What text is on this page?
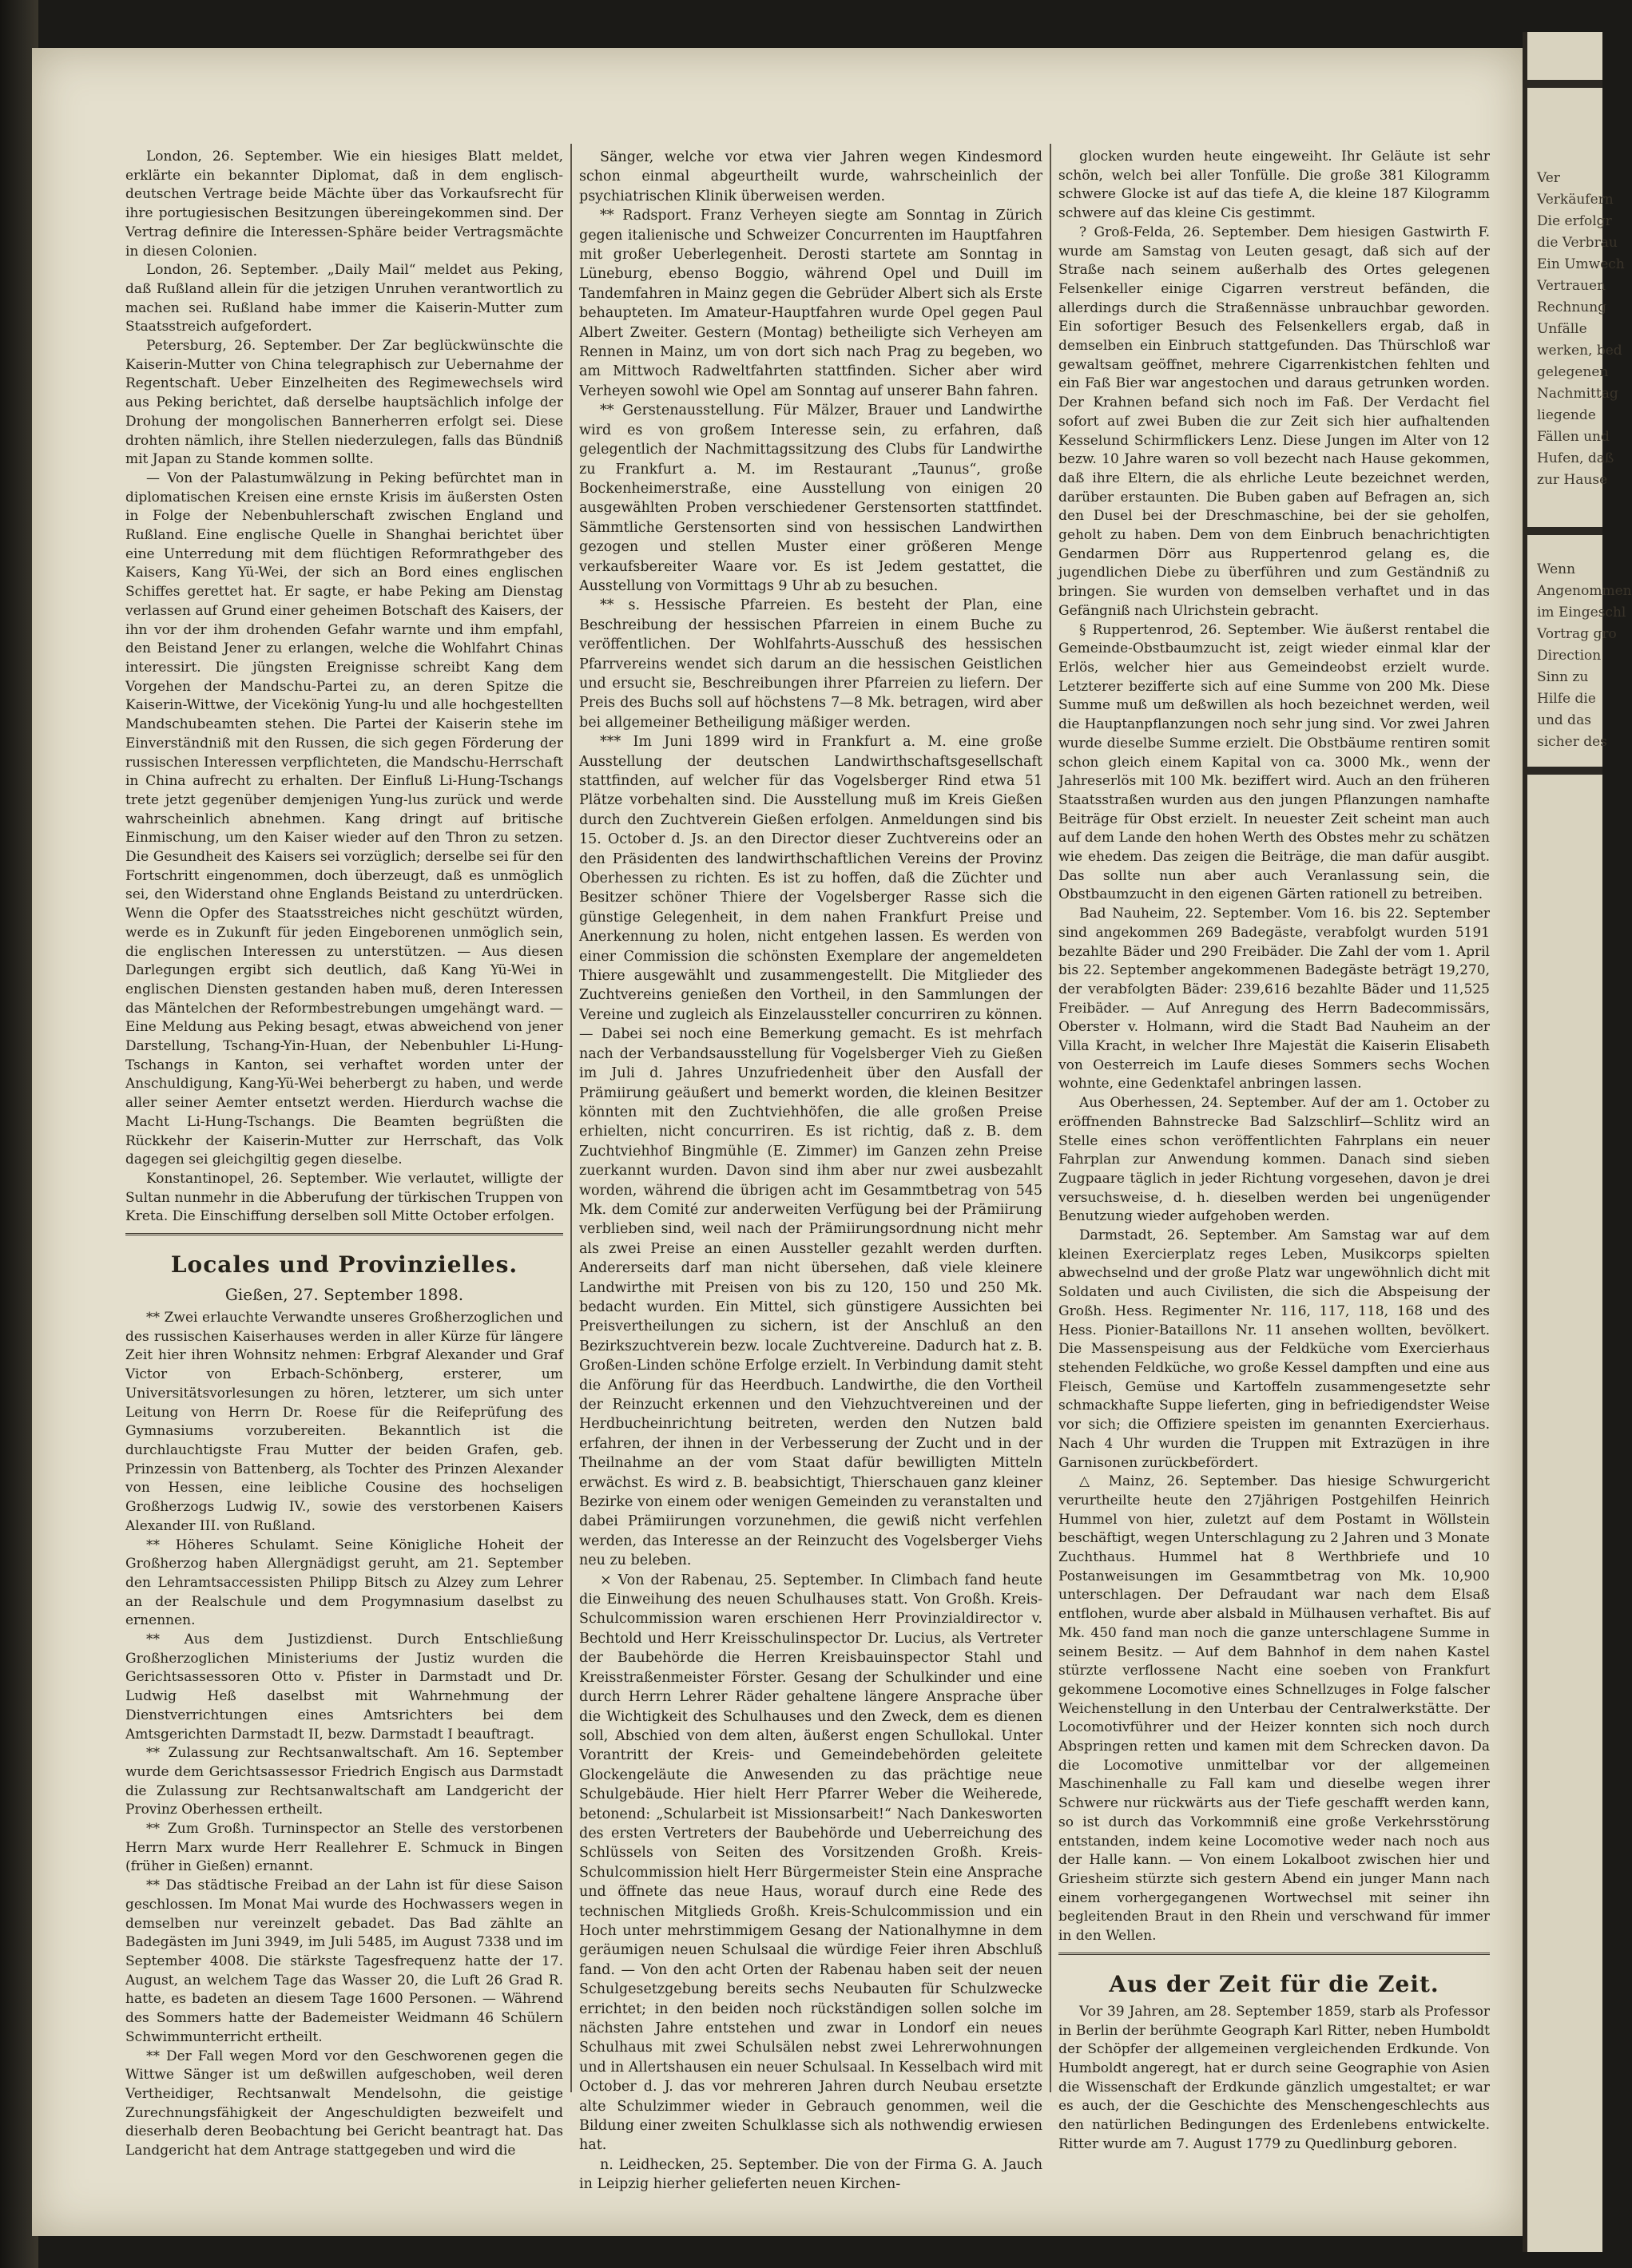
Ver
Verkäufern
Die erfolgr
die Verbrau
Ein Umwech
Vertrauen
Rechnung
Unfälle
werken, bed
gelegenen
Nachmittag
liegende
Fällen und
Hufen, daß
zur Hause
Wenn
Angenommen
im Eingeschl
Vortrag gro
Direction
Sinn zu
Hilfe die
und das
sicher des

London, 26. September. Wie ein hiesiges Blatt meldet, erklärte ein bekannter Diplomat, daß in dem englisch-deutschen Vertrage beide Mächte über das Vorkaufsrecht für ihre portugiesischen Besitzungen übereingekommen sind. Der Vertrag definire die Interessen-Sphäre beider Vertragsmächte in diesen Colonien.

London, 26. September. „Daily Mail“ meldet aus Peking, daß Rußland allein für die jetzigen Unruhen verantwortlich zu machen sei. Rußland habe immer die Kaiserin-Mutter zum Staatsstreich aufgefordert.

Petersburg, 26. September. Der Zar beglückwünschte die Kaiserin-Mutter von China telegraphisch zur Uebernahme der Regentschaft. Ueber Einzelheiten des Regimewechsels wird aus Peking berichtet, daß derselbe hauptsächlich infolge der Drohung der mongolischen Bannerherren erfolgt sei. Diese drohten nämlich, ihre Stellen niederzulegen, falls das Bündniß mit Japan zu Stande kommen sollte.

— Von der Palastumwälzung in Peking befürchtet man in diplomatischen Kreisen eine ernste Krisis im äußersten Osten in Folge der Nebenbuhlerschaft zwischen England und Rußland. Eine englische Quelle in Shanghai berichtet über eine Unterredung mit dem flüchtigen Reformrathgeber des Kaisers, Kang Yü-Wei, der sich an Bord eines englischen Schiffes gerettet hat. Er sagte, er habe Peking am Dienstag verlassen auf Grund einer geheimen Botschaft des Kaisers, der ihn vor der ihm drohenden Gefahr warnte und ihm empfahl, den Beistand Jener zu erlangen, welche die Wohlfahrt Chinas interessirt. Die jüngsten Ereignisse schreibt Kang dem Vorgehen der Mandschu-Partei zu, an deren Spitze die Kaiserin-Wittwe, der Vicekönig Yung-lu und alle hochgestellten Mandschubeamten stehen. Die Partei der Kaiserin stehe im Einverständniß mit den Russen, die sich gegen Förderung der russischen Interessen verpflichteten, die Mandschu-Herrschaft in China aufrecht zu erhalten. Der Einfluß Li-Hung-Tschangs trete jetzt gegenüber demjenigen Yung-lus zurück und werde wahrscheinlich abnehmen. Kang dringt auf britische Einmischung, um den Kaiser wieder auf den Thron zu setzen. Die Gesundheit des Kaisers sei vorzüglich; derselbe sei für den Fortschritt eingenommen, doch überzeugt, daß es unmöglich sei, den Widerstand ohne Englands Beistand zu unterdrücken. Wenn die Opfer des Staatsstreiches nicht geschützt würden, werde es in Zukunft für jeden Eingeborenen unmöglich sein, die englischen Interessen zu unterstützen. — Aus diesen Darlegungen ergibt sich deutlich, daß Kang Yü-Wei in englischen Diensten gestanden haben muß, deren Interessen das Mäntelchen der Reformbestrebungen umgehängt ward. — Eine Meldung aus Peking besagt, etwas abweichend von jener Darstellung, Tschang-Yin-Huan, der Nebenbuhler Li-Hung-Tschangs in Kanton, sei verhaftet worden unter der Anschuldigung, Kang-Yü-Wei beherbergt zu haben, und werde aller seiner Aemter entsetzt werden. Hierdurch wachse die Macht Li-Hung-Tschangs. Die Beamten begrüßten die Rückkehr der Kaiserin-Mutter zur Herrschaft, das Volk dagegen sei gleichgiltig gegen dieselbe.

Konstantinopel, 26. September. Wie verlautet, willigte der Sultan nunmehr in die Abberufung der türkischen Truppen von Kreta. Die Einschiffung derselben soll Mitte October erfolgen.

Locales und Provinzielles.
Gießen, 27. September 1898.

** Zwei erlauchte Verwandte unseres Großherzoglichen und des russischen Kaiserhauses werden in aller Kürze für längere Zeit hier ihren Wohnsitz nehmen: Erbgraf Alexander und Graf Victor von Erbach-Schönberg, ersterer, um Universitätsvorlesungen zu hören, letzterer, um sich unter Leitung von Herrn Dr. Roese für die Reifeprüfung des Gymnasiums vorzubereiten. Bekanntlich ist die durchlauchtigste Frau Mutter der beiden Grafen, geb. Prinzessin von Battenberg, als Tochter des Prinzen Alexander von Hessen, eine leibliche Cousine des hochseligen Großherzogs Ludwig IV., sowie des verstorbenen Kaisers Alexander III. von Rußland.

** Höheres Schulamt. Seine Königliche Hoheit der Großherzog haben Allergnädigst geruht, am 21. September den Lehramtsaccessisten Philipp Bitsch zu Alzey zum Lehrer an der Realschule und dem Progymnasium daselbst zu ernennen.

** Aus dem Justizdienst. Durch Entschließung Großherzoglichen Ministeriums der Justiz wurden die Gerichtsassessoren Otto v. Pfister in Darmstadt und Dr. Ludwig Heß daselbst mit Wahrnehmung der Dienstverrichtungen eines Amtsrichters bei dem Amtsgerichten Darmstadt II, bezw. Darmstadt I beauftragt.

** Zulassung zur Rechtsanwaltschaft. Am 16. September wurde dem Gerichtsassessor Friedrich Engisch aus Darmstadt die Zulassung zur Rechtsanwaltschaft am Landgericht der Provinz Oberhessen ertheilt.

** Zum Großh. Turninspector an Stelle des verstorbenen Herrn Marx wurde Herr Reallehrer E. Schmuck in Bingen (früher in Gießen) ernannt.

** Das städtische Freibad an der Lahn ist für diese Saison geschlossen. Im Monat Mai wurde des Hochwassers wegen in demselben nur vereinzelt gebadet. Das Bad zählte an Badegästen im Juni 3949, im Juli 5485, im August 7338 und im September 4008. Die stärkste Tagesfrequenz hatte der 17. August, an welchem Tage das Wasser 20, die Luft 26 Grad R. hatte, es badeten an diesem Tage 1600 Personen. — Während des Sommers hatte der Bademeister Weidmann 46 Schülern Schwimmunterricht ertheilt.

** Der Fall wegen Mord vor den Geschworenen gegen die Wittwe Sänger ist um deßwillen aufgeschoben, weil deren Vertheidiger, Rechtsanwalt Mendelsohn, die geistige Zurechnungsfähigkeit der Angeschuldigten bezweifelt und dieserhalb deren Beobachtung bei Gericht beantragt hat. Das Landgericht hat dem Antrage stattgegeben und wird die

Sänger, welche vor etwa vier Jahren wegen Kindesmord schon einmal abgeurtheilt wurde, wahrscheinlich der psychiatrischen Klinik überweisen werden.

** Radsport. Franz Verheyen siegte am Sonntag in Zürich gegen italienische und Schweizer Concurrenten im Hauptfahren mit großer Ueberlegenheit. Derosti startete am Sonntag in Lüneburg, ebenso Boggio, während Opel und Duill im Tandemfahren in Mainz gegen die Gebrüder Albert sich als Erste behaupteten. Im Amateur-Hauptfahren wurde Opel gegen Paul Albert Zweiter. Gestern (Montag) betheiligte sich Verheyen am Rennen in Mainz, um von dort sich nach Prag zu begeben, wo am Mittwoch Radweltfahrten stattfinden. Sicher aber wird Verheyen sowohl wie Opel am Sonntag auf unserer Bahn fahren.

** Gerstenausstellung. Für Mälzer, Brauer und Landwirthe wird es von großem Interesse sein, zu erfahren, daß gelegentlich der Nachmittagssitzung des Clubs für Landwirthe zu Frankfurt a. M. im Restaurant „Taunus“, große Bockenheimerstraße, eine Ausstellung von einigen 20 ausgewählten Proben verschiedener Gerstensorten stattfindet. Sämmtliche Gerstensorten sind von hessischen Landwirthen gezogen und stellen Muster einer größeren Menge verkaufsbereiter Waare vor. Es ist Jedem gestattet, die Ausstellung von Vormittags 9 Uhr ab zu besuchen.

** s. Hessische Pfarreien. Es besteht der Plan, eine Beschreibung der hessischen Pfarreien in einem Buche zu veröffentlichen. Der Wohlfahrts-Ausschuß des hessischen Pfarrvereins wendet sich darum an die hessischen Geistlichen und ersucht sie, Beschreibungen ihrer Pfarreien zu liefern. Der Preis des Buchs soll auf höchstens 7—8 Mk. betragen, wird aber bei allgemeiner Betheiligung mäßiger werden.

*** Im Juni 1899 wird in Frankfurt a. M. eine große Ausstellung der deutschen Landwirthschaftsgesellschaft stattfinden, auf welcher für das Vogelsberger Rind etwa 51 Plätze vorbehalten sind. Die Ausstellung muß im Kreis Gießen durch den Zuchtverein Gießen erfolgen. Anmeldungen sind bis 15. October d. Js. an den Director dieser Zuchtvereins oder an den Präsidenten des landwirthschaftlichen Vereins der Provinz Oberhessen zu richten. Es ist zu hoffen, daß die Züchter und Besitzer schöner Thiere der Vogelsberger Rasse sich die günstige Gelegenheit, in dem nahen Frankfurt Preise und Anerkennung zu holen, nicht entgehen lassen. Es werden von einer Commission die schönsten Exemplare der angemeldeten Thiere ausgewählt und zusammengestellt. Die Mitglieder des Zuchtvereins genießen den Vortheil, in den Sammlungen der Vereine und zugleich als Einzelaussteller concurriren zu können. — Dabei sei noch eine Bemerkung gemacht. Es ist mehrfach nach der Verbandsausstellung für Vogelsberger Vieh zu Gießen im Juli d. Jahres Unzufriedenheit über den Ausfall der Prämiirung geäußert und bemerkt worden, die kleinen Besitzer könnten mit den Zuchtviehhöfen, die alle großen Preise erhielten, nicht concurriren. Es ist richtig, daß z. B. dem Zuchtviehhof Bingmühle (E. Zimmer) im Ganzen zehn Preise zuerkannt wurden. Davon sind ihm aber nur zwei ausbezahlt worden, während die übrigen acht im Gesammtbetrag von 545 Mk. dem Comité zur anderweiten Verfügung bei der Prämiirung verblieben sind, weil nach der Prämiirungsordnung nicht mehr als zwei Preise an einen Aussteller gezahlt werden durften. Andererseits darf man nicht übersehen, daß viele kleinere Landwirthe mit Preisen von bis zu 120, 150 und 250 Mk. bedacht wurden. Ein Mittel, sich günstigere Aussichten bei Preisvertheilungen zu sichern, ist der Anschluß an den Bezirkszuchtverein bezw. locale Zuchtvereine. Dadurch hat z. B. Großen-Linden schöne Erfolge erzielt. In Verbindung damit steht die Anförung für das Heerdbuch. Landwirthe, die den Vortheil der Reinzucht erkennen und den Viehzuchtvereinen und der Herdbucheinrichtung beitreten, werden den Nutzen bald erfahren, der ihnen in der Verbesserung der Zucht und in der Theilnahme an der vom Staat dafür bewilligten Mitteln erwächst. Es wird z. B. beabsichtigt, Thierschauen ganz kleiner Bezirke von einem oder wenigen Gemeinden zu veranstalten und dabei Prämiirungen vorzunehmen, die gewiß nicht verfehlen werden, das Interesse an der Reinzucht des Vogelsberger Viehs neu zu beleben.

⨯ Von der Rabenau, 25. September. In Climbach fand heute die Einweihung des neuen Schulhauses statt. Von Großh. Kreis-Schulcommission waren erschienen Herr Provinzialdirector v. Bechtold und Herr Kreisschulinspector Dr. Lucius, als Vertreter der Baubehörde die Herren Kreisbauinspector Stahl und Kreisstraßenmeister Förster. Gesang der Schulkinder und eine durch Herrn Lehrer Räder gehaltene längere Ansprache über die Wichtigkeit des Schulhauses und den Zweck, dem es dienen soll, Abschied von dem alten, äußerst engen Schullokal. Unter Vorantritt der Kreis- und Gemeindebehörden geleitete Glockengeläute die Anwesenden zu das prächtige neue Schulgebäude. Hier hielt Herr Pfarrer Weber die Weiherede, betonend: „Schularbeit ist Missionsarbeit!“ Nach Dankesworten des ersten Vertreters der Baubehörde und Ueberreichung des Schlüssels von Seiten des Vorsitzenden Großh. Kreis-Schulcommission hielt Herr Bürgermeister Stein eine Ansprache und öffnete das neue Haus, worauf durch eine Rede des technischen Mitglieds Großh. Kreis-Schulcommission und ein Hoch unter mehrstimmigem Gesang der Nationalhymne in dem geräumigen neuen Schulsaal die würdige Feier ihren Abschluß fand. — Von den acht Orten der Rabenau haben seit der neuen Schulgesetzgebung bereits sechs Neubauten für Schulzwecke errichtet; in den beiden noch rückständigen sollen solche im nächsten Jahre entstehen und zwar in Londorf ein neues Schulhaus mit zwei Schulsälen nebst zwei Lehrerwohnungen und in Allertshausen ein neuer Schulsaal. In Kesselbach wird mit October d. J. das vor mehreren Jahren durch Neubau ersetzte alte Schulzimmer wieder in Gebrauch genommen, weil die Bildung einer zweiten Schulklasse sich als nothwendig erwiesen hat.

n. Leidhecken, 25. September. Die von der Firma G. A. Jauch in Leipzig hierher gelieferten neuen Kirchen-

glocken wurden heute eingeweiht. Ihr Geläute ist sehr schön, welch bei aller Tonfülle. Die große 381 Kilogramm schwere Glocke ist auf das tiefe A, die kleine 187 Kilogramm schwere auf das kleine Cis gestimmt.

? Groß-Felda, 26. September. Dem hiesigen Gastwirth F. wurde am Samstag von Leuten gesagt, daß sich auf der Straße nach seinem außerhalb des Ortes gelegenen Felsenkeller einige Cigarren verstreut befänden, die allerdings durch die Straßennässe unbrauchbar geworden. Ein sofortiger Besuch des Felsenkellers ergab, daß in demselben ein Einbruch stattgefunden. Das Thürschloß war gewaltsam geöffnet, mehrere Cigarrenkistchen fehlten und ein Faß Bier war angestochen und daraus getrunken worden. Der Krahnen befand sich noch im Faß. Der Verdacht fiel sofort auf zwei Buben die zur Zeit sich hier aufhaltenden Kesselund Schirmflickers Lenz. Diese Jungen im Alter von 12 bezw. 10 Jahre waren so voll bezecht nach Hause gekommen, daß ihre Eltern, die als ehrliche Leute bezeichnet werden, darüber erstaunten. Die Buben gaben auf Befragen an, sich den Dusel bei der Dreschmaschine, bei der sie geholfen, geholt zu haben. Dem von dem Einbruch benachrichtigten Gendarmen Dörr aus Ruppertenrod gelang es, die jugendlichen Diebe zu überführen und zum Geständniß zu bringen. Sie wurden von demselben verhaftet und in das Gefängniß nach Ulrichstein gebracht.

§ Ruppertenrod, 26. September. Wie äußerst rentabel die Gemeinde-Obstbaumzucht ist, zeigt wieder einmal klar der Erlös, welcher hier aus Gemeindeobst erzielt wurde. Letzterer bezifferte sich auf eine Summe von 200 Mk. Diese Summe muß um deßwillen als hoch bezeichnet werden, weil die Hauptanpflanzungen noch sehr jung sind. Vor zwei Jahren wurde dieselbe Summe erzielt. Die Obstbäume rentiren somit schon gleich einem Kapital von ca. 3000 Mk., wenn der Jahreserlös mit 100 Mk. beziffert wird. Auch an den früheren Staatsstraßen wurden aus den jungen Pflanzungen namhafte Beiträge für Obst erzielt. In neuester Zeit scheint man auch auf dem Lande den hohen Werth des Obstes mehr zu schätzen wie ehedem. Das zeigen die Beiträge, die man dafür ausgibt. Das sollte nun aber auch Veranlassung sein, die Obstbaumzucht in den eigenen Gärten rationell zu betreiben.

Bad Nauheim, 22. September. Vom 16. bis 22. September sind angekommen 269 Badegäste, verabfolgt wurden 5191 bezahlte Bäder und 290 Freibäder. Die Zahl der vom 1. April bis 22. September angekommenen Badegäste beträgt 19,270, der verabfolgten Bäder: 239,616 bezahlte Bäder und 11,525 Freibäder. — Auf Anregung des Herrn Badecommissärs, Oberster v. Holmann, wird die Stadt Bad Nauheim an der Villa Kracht, in welcher Ihre Majestät die Kaiserin Elisabeth von Oesterreich im Laufe dieses Sommers sechs Wochen wohnte, eine Gedenktafel anbringen lassen.

Aus Oberhessen, 24. September. Auf der am 1. October zu eröffnenden Bahnstrecke Bad Salzschlirf—Schlitz wird an Stelle eines schon veröffentlichten Fahrplans ein neuer Fahrplan zur Anwendung kommen. Danach sind sieben Zugpaare täglich in jeder Richtung vorgesehen, davon je drei versuchsweise, d. h. dieselben werden bei ungenügender Benutzung wieder aufgehoben werden.

Darmstadt, 26. September. Am Samstag war auf dem kleinen Exercierplatz reges Leben, Musikcorps spielten abwechselnd und der große Platz war ungewöhnlich dicht mit Soldaten und auch Civilisten, die sich die Abspeisung der Großh. Hess. Regimenter Nr. 116, 117, 118, 168 und des Hess. Pionier-Bataillons Nr. 11 ansehen wollten, bevölkert. Die Massenspeisung aus der Feldküche vom Exercierhaus stehenden Feldküche, wo große Kessel dampften und eine aus Fleisch, Gemüse und Kartoffeln zusammengesetzte sehr schmackhafte Suppe lieferten, ging in befriedigendster Weise vor sich; die Offiziere speisten im genannten Exercierhaus. Nach 4 Uhr wurden die Truppen mit Extrazügen in ihre Garnisonen zurückbefördert.

△ Mainz, 26. September. Das hiesige Schwurgericht verurtheilte heute den 27jährigen Postgehilfen Heinrich Hummel von hier, zuletzt auf dem Postamt in Wöllstein beschäftigt, wegen Unterschlagung zu 2 Jahren und 3 Monate Zuchthaus. Hummel hat 8 Werthbriefe und 10 Postanweisungen im Gesammtbetrag von Mk. 10,900 unterschlagen. Der Defraudant war nach dem Elsaß entflohen, wurde aber alsbald in Mülhausen verhaftet. Bis auf Mk. 450 fand man noch die ganze unterschlagene Summe in seinem Besitz. — Auf dem Bahnhof in dem nahen Kastel stürzte verflossene Nacht eine soeben von Frankfurt gekommene Locomotive eines Schnellzuges in Folge falscher Weichenstellung in den Unterbau der Centralwerkstätte. Der Locomotivführer und der Heizer konnten sich noch durch Abspringen retten und kamen mit dem Schrecken davon. Da die Locomotive unmittelbar vor der allgemeinen Maschinenhalle zu Fall kam und dieselbe wegen ihrer Schwere nur rückwärts aus der Tiefe geschafft werden kann, so ist durch das Vorkommniß eine große Verkehrsstörung entstanden, indem keine Locomotive weder nach noch aus der Halle kann. — Von einem Lokalboot zwischen hier und Griesheim stürzte sich gestern Abend ein junger Mann nach einem vorhergegangenen Wortwechsel mit seiner ihn begleitenden Braut in den Rhein und verschwand für immer in den Wellen.

Aus der Zeit für die Zeit.

Vor 39 Jahren, am 28. September 1859, starb als Professor in Berlin der berühmte Geograph Karl Ritter, neben Humboldt der Schöpfer der allgemeinen vergleichenden Erdkunde. Von Humboldt angeregt, hat er durch seine Geographie von Asien die Wissenschaft der Erdkunde gänzlich umgestaltet; er war es auch, der die Geschichte des Menschengeschlechts aus den natürlichen Bedingungen des Erdenlebens entwickelte. Ritter wurde am 7. August 1779 zu Quedlinburg geboren.
